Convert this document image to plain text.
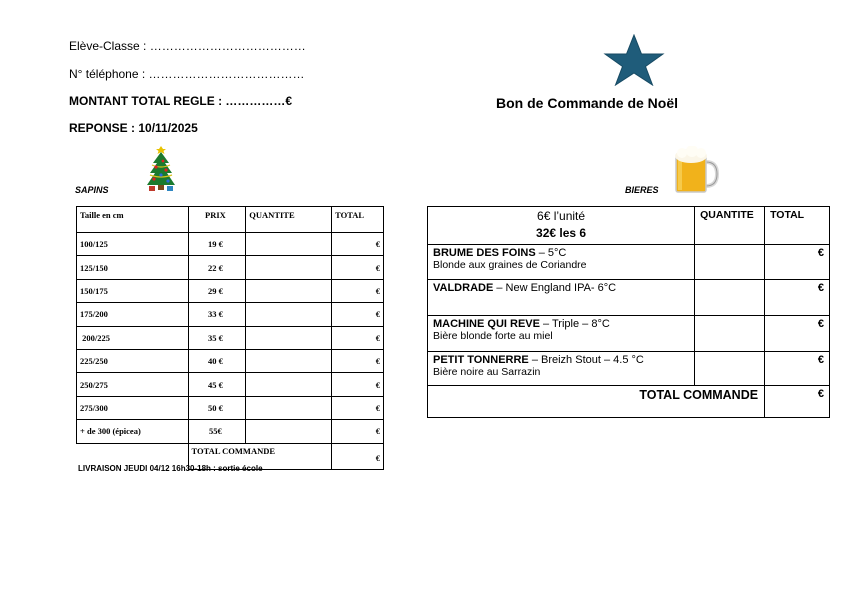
Elève-Classe : …………………………………
N° téléphone : …………………………………
MONTANT TOTAL REGLE : ……………€
REPONSE : 10/11/2025
Bon de Commande de Noël
SAPINS	BIERES
Taille en cm	PRIX	QUANTITE	TOTAL
100/125	19 €		€
125/150	22 €		€
150/175	29 €		€
175/200	33 €		€
200/225	35 €		€
225/250	40 €		€
250/275	45 €		€
275/300	50 €		€
+ de 300 (épicea)	55€		€
	TOTAL COMMANDE		€
LIVRAISON JEUDI 04/12 16h30-18h : sortie école
6€ l’unité
32€ les 6	QUANTITE	TOTAL

BRUME DES FOINS – 5°C
Blonde aux graines de Coriandre		€

VALDRADE – New England IPA- 6°C		€

MACHINE QUI REVE – Triple – 8°C
Bière blonde forte au miel		€

PETIT TONNERRE – Breizh Stout – 4.5 °C
Bière noire au Sarrazin		€
TOTAL COMMANDE		€
